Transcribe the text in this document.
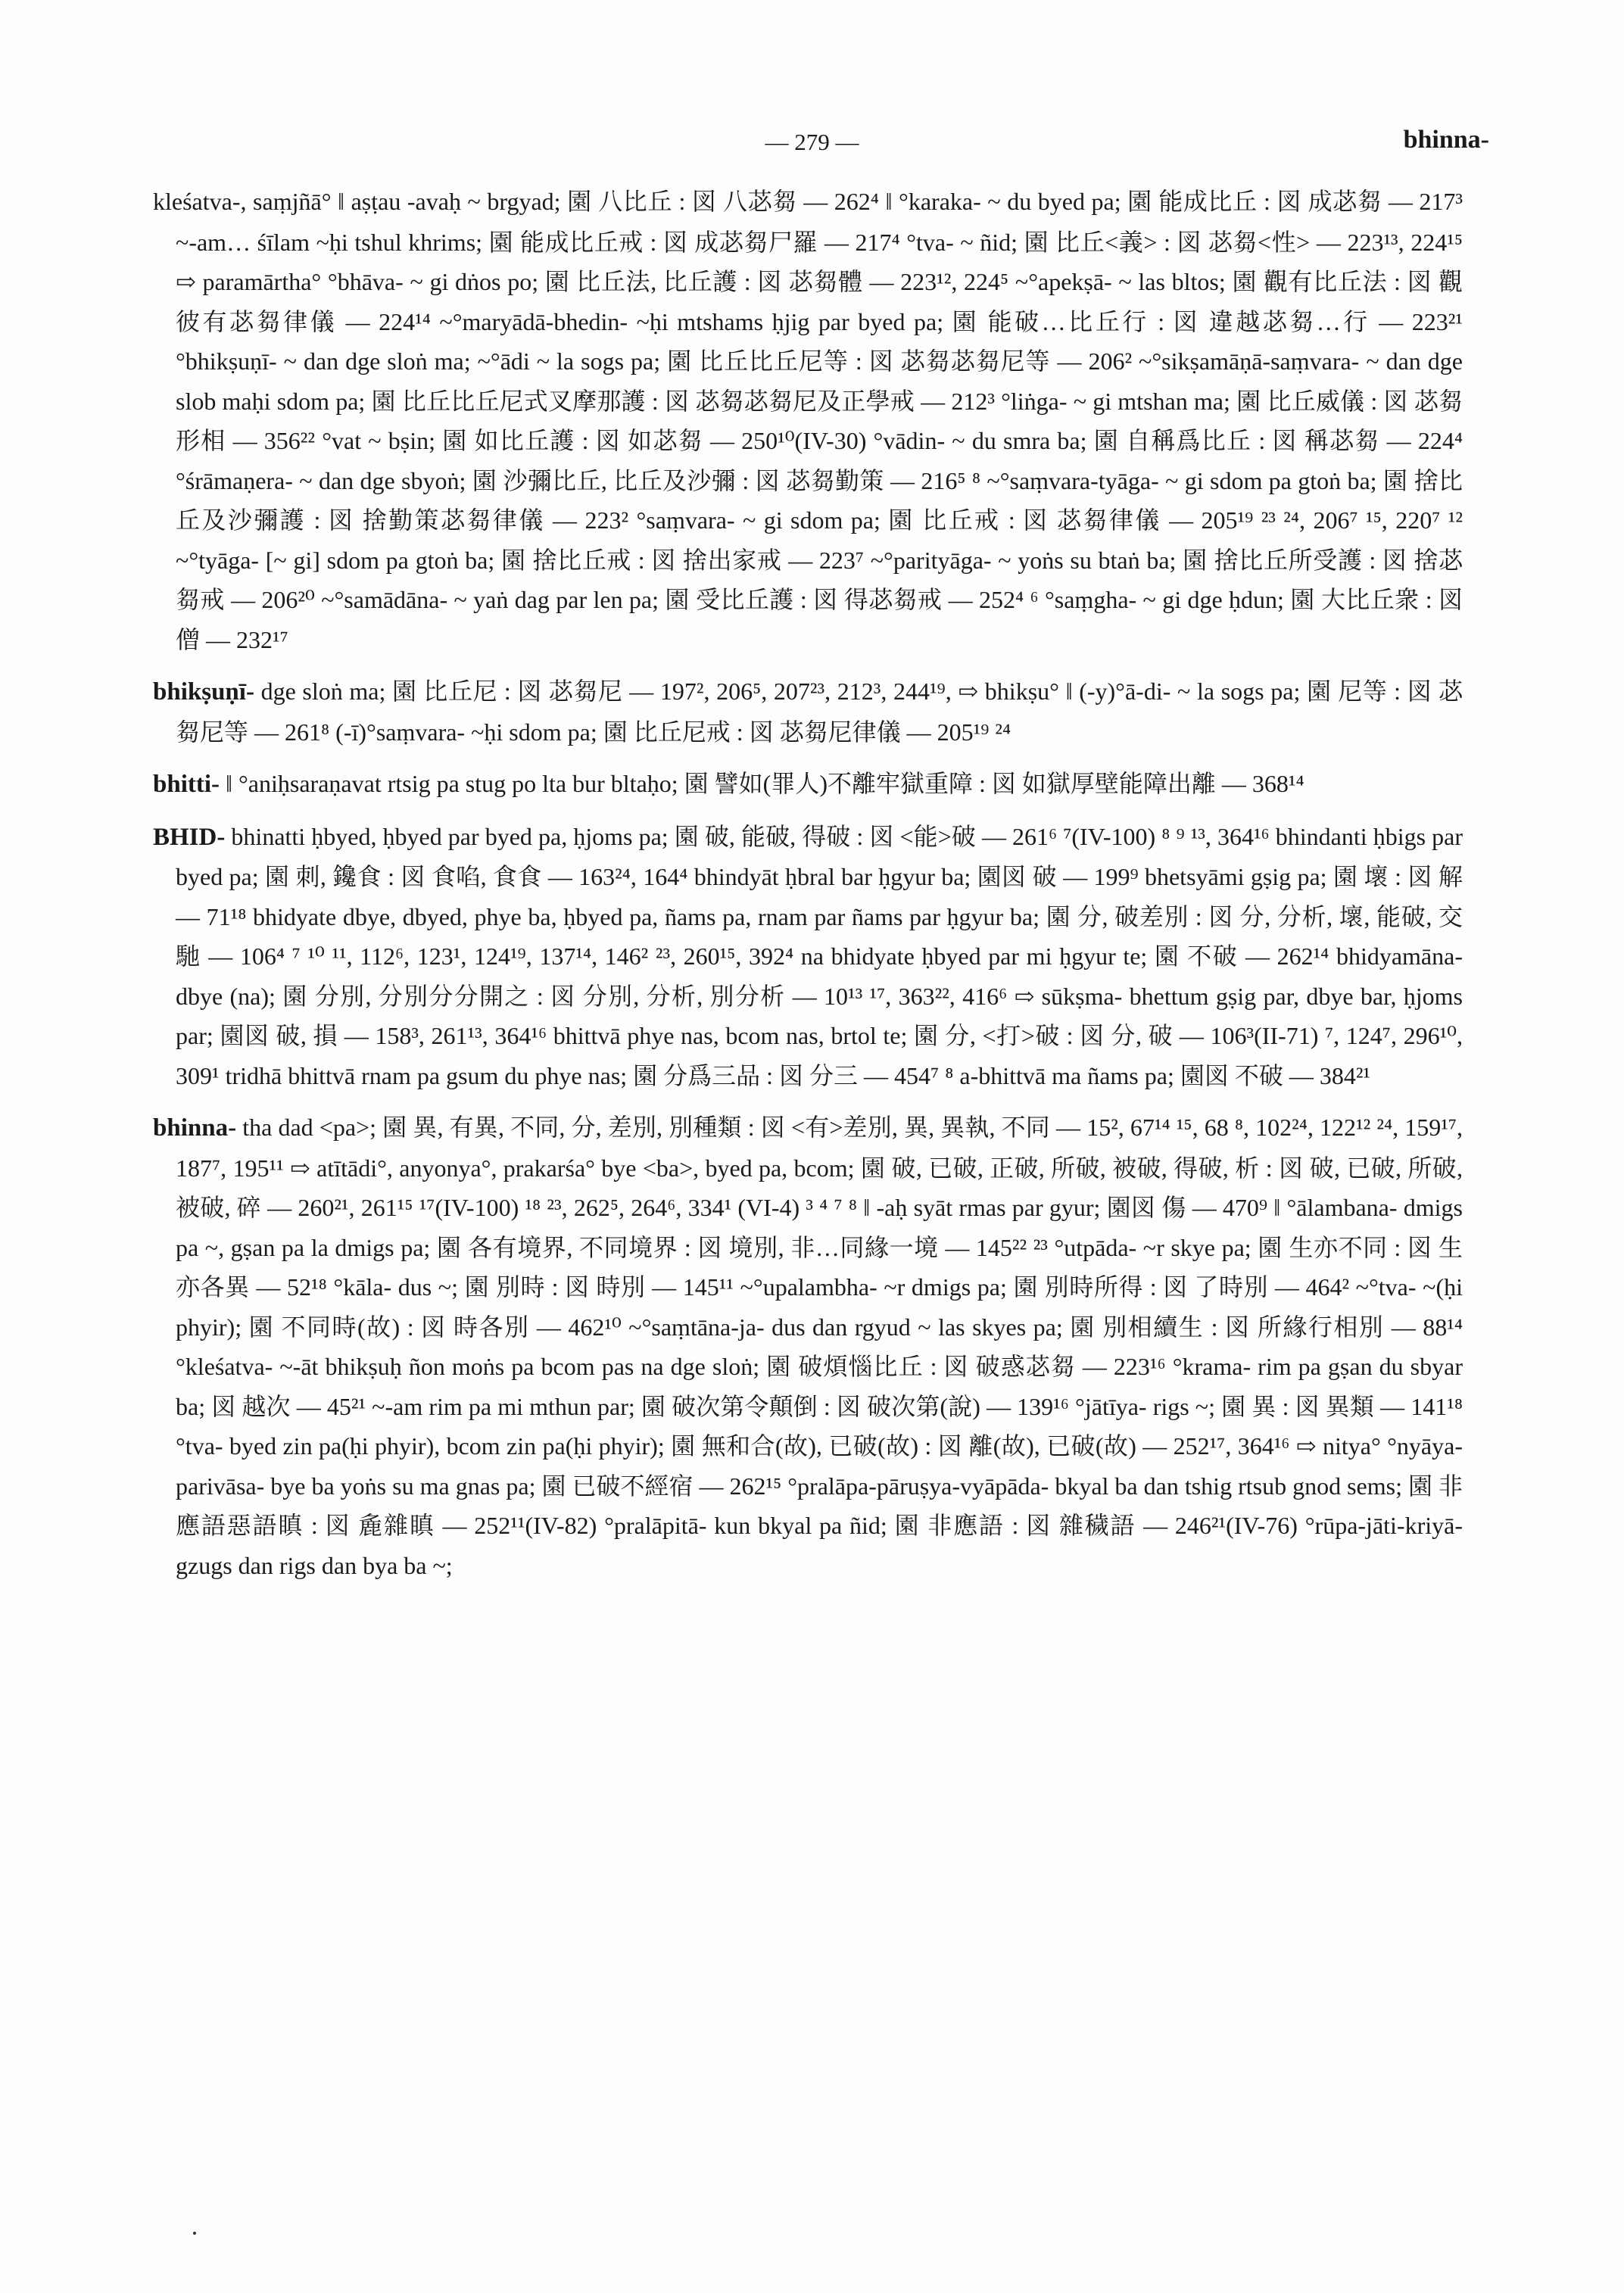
— 279 —	bhinna-

kleśatva-, saṃjñā° ‖ aṣṭau -avaḥ ~ brgyad; 園 八比丘 : 図 八苾芻 — 262⁴ ‖ °karaka- ~ du byed pa; 園 能成比丘 : 図 成苾芻 — 217³ ~-am… śīlam ~ḥi tshul khrims; 園 能成比丘戒 : 図 成苾芻尸羅 — 217⁴ °tva- ~ ñid; 園 比丘<義> : 図 苾芻<性> — 223¹³, 224¹⁵ ⇨ paramārtha° °bhāva- ~ gi dṅos po; 園 比丘法, 比丘護 : 図 苾芻體 — 223¹², 224⁵ ~°apekṣā- ~ las bltos; 園 觀有比丘法 : 図 觀彼有苾芻律儀 — 224¹⁴ ~°maryādā-bhedin- ~ḥi mtshams ḥjig par byed pa; 園 能破…比丘行 : 図 違越苾芻…行 — 223²¹ °bhikṣuṇī- ~ dan dge sloṅ ma; ~°ādi ~ la sogs pa; 園 比丘比丘尼等 : 図 苾芻苾芻尼等 — 206² ~°sikṣamāṇā-saṃvara- ~ dan dge slob maḥi sdom pa; 園 比丘比丘尼式叉摩那護 : 図 苾芻苾芻尼及正學戒 — 212³ °liṅga- ~ gi mtshan ma; 園 比丘威儀 : 図 苾芻形相 — 356²² °vat ~ bṣin; 園 如比丘護 : 図 如苾芻 — 250¹⁰(IV-30) °vādin- ~ du smra ba; 園 自稱爲比丘 : 図 稱苾芻 — 224⁴ °śrāmaṇera- ~ dan dge sbyoṅ; 園 沙彌比丘, 比丘及沙彌 : 図 苾芻勤策 — 216⁵ ⁸ ~°saṃvara-tyāga- ~ gi sdom pa gtoṅ ba; 園 捨比丘及沙彌護 : 図 捨勤策苾芻律儀 — 223² °saṃvara- ~ gi sdom pa; 園 比丘戒 : 図 苾芻律儀 — 205¹⁹ ²³ ²⁴, 206⁷ ¹⁵, 220⁷ ¹² ~°tyāga- [~ gi] sdom pa gtoṅ ba; 園 捨比丘戒 : 図 捨出家戒 — 223⁷ ~°parityāga- ~ yoṅs su btaṅ ba; 園 捨比丘所受護 : 図 捨苾芻戒 — 206²⁰ ~°samādāna- ~ yaṅ dag par len pa; 園 受比丘護 : 図 得苾芻戒 — 252⁴ ⁶ °saṃgha- ~ gi dge ḥdun; 園 大比丘衆 : 図 僧 — 232¹⁷

bhikṣuṇī- dge sloṅ ma; 園 比丘尼 : 図 苾芻尼 — 197², 206⁵, 207²³, 212³, 244¹⁹, ⇨ bhikṣu° ‖ (-y)°ā-di- ~ la sogs pa; 園 尼等 : 図 苾芻尼等 — 261⁸ (-ī)°saṃvara- ~ḥi sdom pa; 園 比丘尼戒 : 図 苾芻尼律儀 — 205¹⁹ ²⁴

bhitti- ‖ °aniḥsaraṇavat rtsig pa stug po lta bur bltaḥo; 園 譬如(罪人)不離牢獄重障 : 図 如獄厚壁能障出離 — 368¹⁴

BHID- bhinatti ḥbyed, ḥbyed par byed pa, ḥjoms pa; 園 破, 能破, 得破 : 図 <能>破 — 261⁶ ⁷(IV-100) ⁸ ⁹ ¹³, 364¹⁶ bhindanti ḥbigs par byed pa; 園 刺, 鑱食 : 図 食啗, 食食 — 163²⁴, 164⁴ bhindyāt ḥbral bar ḥgyur ba; 園図 破 — 199⁹ bhetsyāmi gṣig pa; 園 壞 : 図 解 — 71¹⁸ bhidyate dbye, dbyed, phye ba, ḥbyed pa, ñams pa, rnam par ñams par ḥgyur ba; 園 分, 破差別 : 図 分, 分析, 壞, 能破, 交馳 — 106⁴ ⁷ ¹⁰ ¹¹, 112⁶, 123¹, 124¹⁹, 137¹⁴, 146² ²³, 260¹⁵, 392⁴ na bhidyate ḥbyed par mi ḥgyur te; 園 不破 — 262¹⁴ bhidyamāna- dbye (na); 園 分別, 分別分分開之 : 図 分別, 分析, 別分析 — 10¹³ ¹⁷, 363²², 416⁶ ⇨ sūkṣma- bhettum gṣig par, dbye bar, ḥjoms par; 園図 破, 損 — 158³, 261¹³, 364¹⁶ bhittvā phye nas, bcom nas, brtol te; 園 分, <打>破 : 図 分, 破 — 106³(II-71) ⁷, 124⁷, 296¹⁰, 309¹ tridhā bhittvā rnam pa gsum du phye nas; 園 分爲三品 : 図 分三 — 454⁷ ⁸ a-bhittvā ma ñams pa; 園図 不破 — 384²¹

bhinna- tha dad <pa>; 園 異, 有異, 不同, 分, 差別, 別種類 : 図 <有>差別, 異, 異執, 不同 — 15², 67¹⁴ ¹⁵, 68 ⁸, 102²⁴, 122¹² ²⁴, 159¹⁷, 187⁷, 195¹¹ ⇨ atītādi°, anyonya°, prakarśa° bye <ba>, byed pa, bcom; 園 破, 已破, 正破, 所破, 被破, 得破, 析 : 図 破, 已破, 所破, 被破, 碎 — 260²¹, 261¹⁵ ¹⁷(IV-100) ¹⁸ ²³, 262⁵, 264⁶, 334¹ (VI-4) ³ ⁴ ⁷ ⁸ ‖ -aḥ syāt rmas par gyur; 園図 傷 — 470⁹ ‖ °ālambana- dmigs pa ~, gṣan pa la dmigs pa; 園 各有境界, 不同境界 : 図 境別, 非…同緣一境 — 145²² ²³ °utpāda- ~r skye pa; 園 生亦不同 : 図 生亦各異 — 52¹⁸ °kāla- dus ~; 園 別時 : 図 時別 — 145¹¹ ~°upalambha- ~r dmigs pa; 園 別時所得 : 図 了時別 — 464² ~°tva- ~(ḥi phyir); 園 不同時(故) : 図 時各別 — 462¹⁰ ~°saṃtāna-ja- dus dan rgyud ~ las skyes pa; 園 別相續生 : 図 所緣行相別 — 88¹⁴ °kleśatva- ~-āt bhikṣuḥ ñon moṅs pa bcom pas na dge sloṅ; 園 破煩惱比丘 : 図 破惑苾芻 — 223¹⁶ °krama- rim pa gṣan du sbyar ba; 図 越次 — 45²¹ ~-am rim pa mi mthun par; 園 破次第令顛倒 : 図 破次第(說) — 139¹⁶ °jātīya- rigs ~; 園 異 : 図 異類 — 141¹⁸ °tva- byed zin pa(ḥi phyir), bcom zin pa(ḥi phyir); 園 無和合(故), 已破(故) : 図 離(故), 已破(故) — 252¹⁷, 364¹⁶ ⇨ nitya° °nyāya-parivāsa- bye ba yoṅs su ma gnas pa; 園 已破不經宿 — 262¹⁵ °pralāpa-pāruṣya-vyāpāda- bkyal ba dan tshig rtsub gnod sems; 園 非應語惡語瞋 : 図 麁雜瞋 — 252¹¹(IV-82) °pralāpitā- kun bkyal pa ñid; 園 非應語 : 図 雜穢語 — 246²¹(IV-76) °rūpa-jāti-kriyā- gzugs dan rigs dan bya ba ~;
